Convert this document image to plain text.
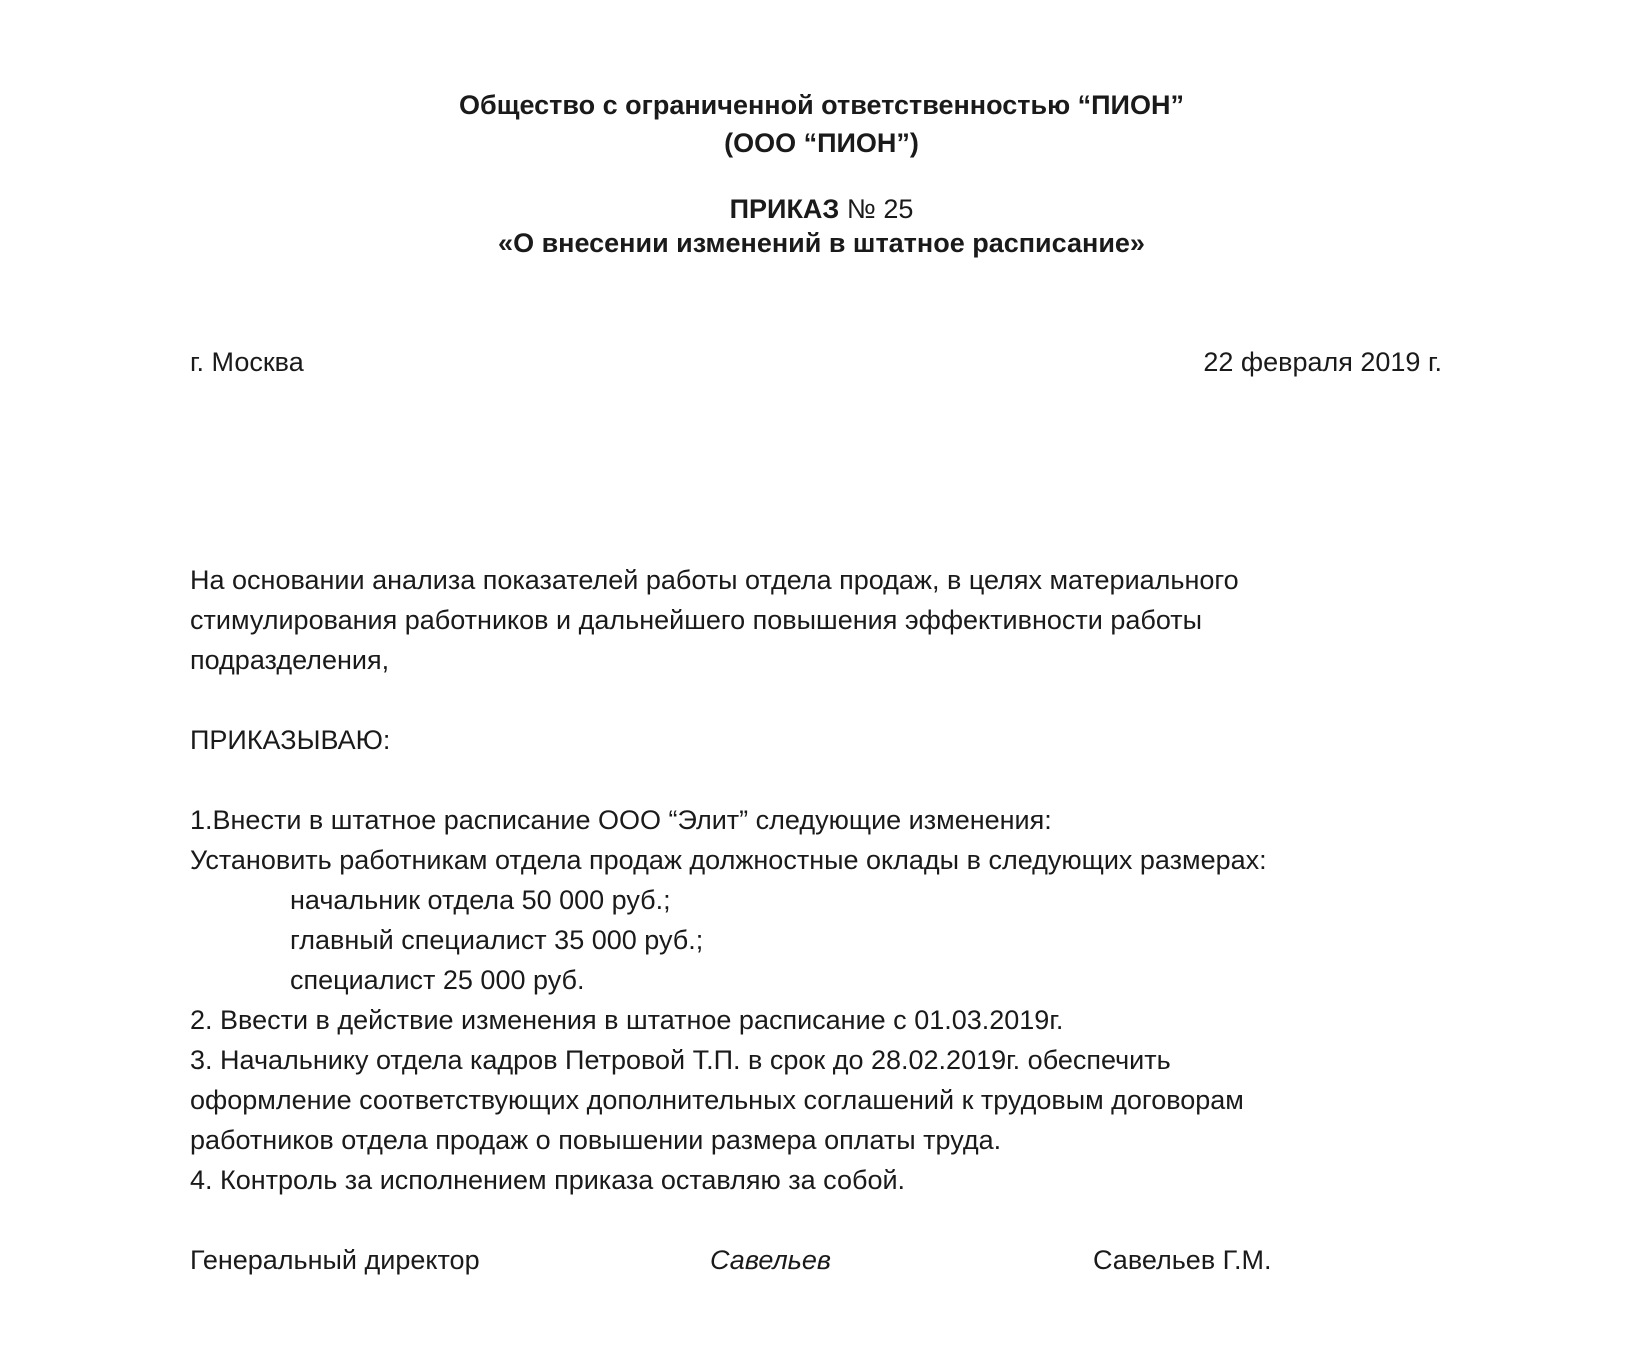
Общество с ограниченной ответственностью “ПИОН”
(ООО “ПИОН”)
ПРИКАЗ № 25
«О внесении изменений в штатное расписание»
г. Москва	22 февраля 2019 г.
На основании анализа показателей работы отдела продаж, в целях материального
стимулирования работников и дальнейшего повышения эффективности работы
подразделения,
ПРИКАЗЫВАЮ:
1.Внести в штатное расписание ООО “Элит” следующие изменения:
Установить работникам отдела продаж должностные оклады в следующих размерах:
начальник отдела 50 000 руб.;
главный специалист 35 000 руб.;
специалист 25 000 руб.
2. Ввести в действие изменения в штатное расписание с 01.03.2019г.
3. Начальнику отдела кадров Петровой Т.П. в срок до 28.02.2019г. обеспечить
оформление соответствующих дополнительных соглашений к трудовым договорам
работников отдела продаж о повышении размера оплаты труда.
4. Контроль за исполнением приказа оставляю за собой.
Генеральный директор	Савельев	Савельев Г.М.
